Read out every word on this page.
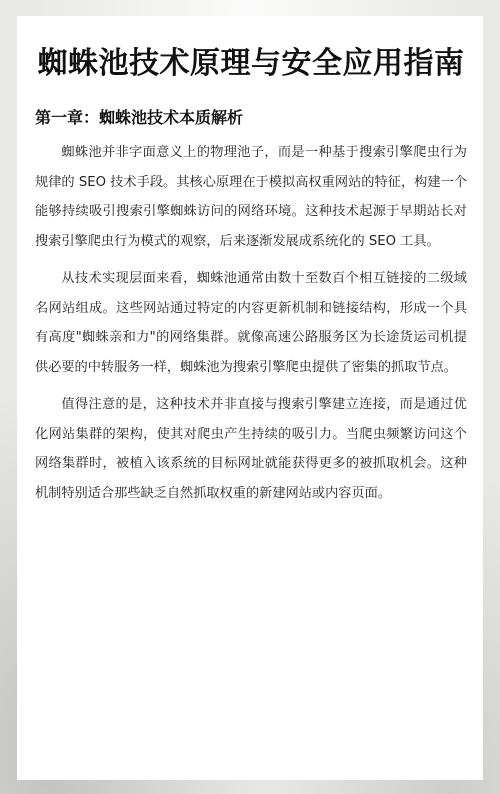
蜘蛛池技术原理与安全应用指南
第一章：蜘蛛池技术本质解析

蜘蛛池并非字面意义上的物理池子，而是一种基于搜索引擎爬虫行为规律的 SEO 技术手段。其核心原理在于模拟高权重网站的特征，构建一个能够持续吸引搜索引擎蜘蛛访问的网络环境。这种技术起源于早期站长对搜索引擎爬虫行为模式的观察，后来逐渐发展成系统化的 SEO 工具。

从技术实现层面来看，蜘蛛池通常由数十至数百个相互链接的二级域名网站组成。这些网站通过特定的内容更新机制和链接结构，形成一个具有高度"蜘蛛亲和力"的网络集群。就像高速公路服务区为长途货运司机提供必要的中转服务一样，蜘蛛池为搜索引擎爬虫提供了密集的抓取节点。

值得注意的是，这种技术并非直接与搜索引擎建立连接，而是通过优化网站集群的架构，使其对爬虫产生持续的吸引力。当爬虫频繁访问这个网络集群时，被植入该系统的目标网址就能获得更多的被抓取机会。这种机制特别适合那些缺乏自然抓取权重的新建网站或内容页面。
